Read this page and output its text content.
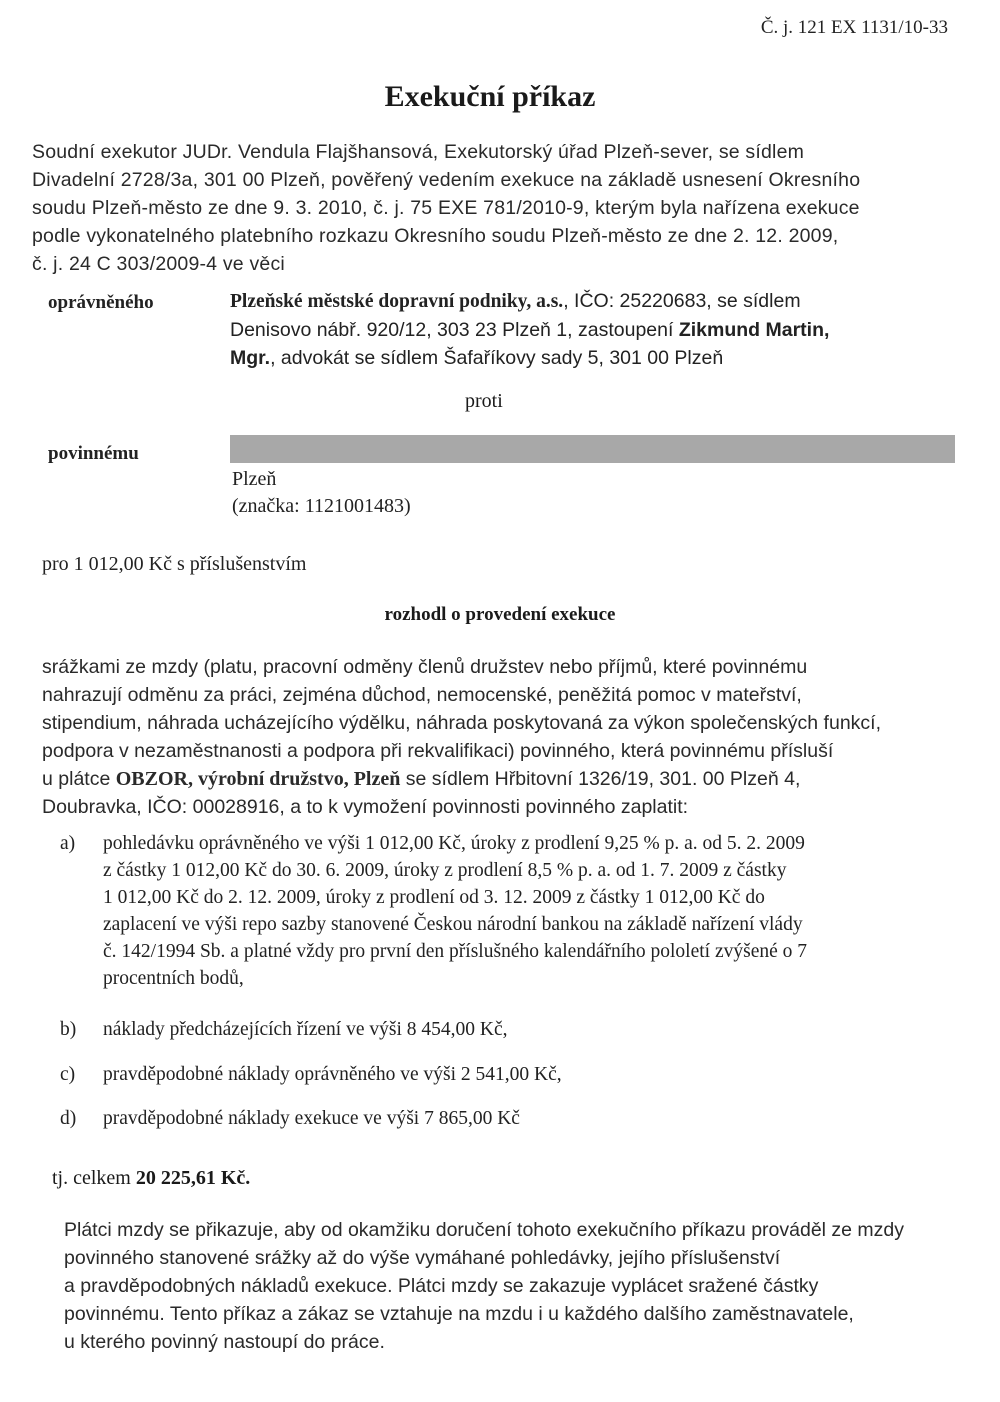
Č. j. 121 EX 1131/10-33
Exekuční příkaz
Soudní exekutor JUDr. Vendula Flajšhansová, Exekutorský úřad Plzeň-sever, se sídlem
Divadelní 2728/3a, 301 00 Plzeň, pověřený vedením exekuce na základě usnesení Okresního
soudu Plzeň-město ze dne 9. 3. 2010, č. j. 75 EXE 781/2010-9, kterým byla nařízena exekuce
podle vykonatelného platebního rozkazu Okresního soudu Plzeň-město ze dne 2. 12. 2009,
č. j. 24 C 303/2009-4 ve věci
oprávněného	Plzeňské městské dopravní podniky, a.s., IČO: 25220683, se sídlem
Denisovo nábř. 920/12, 303 23 Plzeň 1, zastoupení Zikmund Martin,
Mgr., advokát se sídlem Šafaříkovy sady 5, 301 00 Plzeň
proti
povinnému
Plzeň
(značka: 1121001483)
pro 1 012,00 Kč s příslušenstvím
rozhodl o provedení exekuce
srážkami ze mzdy (platu, pracovní odměny členů družstev nebo příjmů, které povinnému
nahrazují odměnu za práci, zejména důchod, nemocenské, peněžitá pomoc v mateřství,
stipendium, náhrada ucházejícího výdělku, náhrada poskytovaná za výkon společenských funkcí,
podpora v nezaměstnanosti a podpora při rekvalifikaci) povinného, která povinnému přísluší
u plátce OBZOR, výrobní družstvo, Plzeň se sídlem Hřbitovní 1326/19, 301. 00 Plzeň 4,
Doubravka, IČO: 00028916, a to k vymožení povinnosti povinného zaplatit:
a) pohledávku oprávněného ve výši 1 012,00 Kč, úroky z prodlení 9,25 % p. a. od 5. 2. 2009
z částky 1 012,00 Kč do 30. 6. 2009, úroky z prodlení 8,5 % p. a. od 1. 7. 2009 z částky
1 012,00 Kč do 2. 12. 2009, úroky z prodlení od 3. 12. 2009 z částky 1 012,00 Kč do
zaplacení ve výši repo sazby stanovené Českou národní bankou na základě nařízení vlády
č. 142/1994 Sb. a platné vždy pro první den příslušného kalendářního pololetí zvýšené o 7
procentních bodů,
b) náklady předcházejících řízení ve výši 8 454,00 Kč,
c) pravděpodobné náklady oprávněného ve výši 2 541,00 Kč,
d) pravděpodobné náklady exekuce ve výši 7 865,00 Kč
tj. celkem 20 225,61 Kč.
Plátci mzdy se přikazuje, aby od okamžiku doručení tohoto exekučního příkazu prováděl ze mzdy
povinného stanovené srážky až do výše vymáhané pohledávky, jejího příslušenství
a pravděpodobných nákladů exekuce. Plátci mzdy se zakazuje vyplácet sražené částky
povinnému. Tento příkaz a zákaz se vztahuje na mzdu i u každého dalšího zaměstnavatele,
u kterého povinný nastoupí do práce.
